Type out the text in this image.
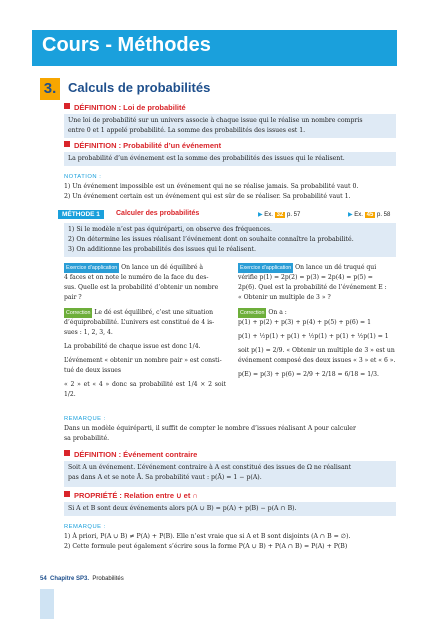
Cours - Méthodes
3. Calculs de probabilités
DÉFINITION : Loi de probabilité
Une loi de probabilité sur un univers associe à chaque issue qui le réalise un nombre compris
entre 0 et 1 appelé probabilité. La somme des probabilités des issues est 1.
DÉFINITION : Probabilité d’un événement
La probabilité d’un événement est la somme des probabilités des issues qui le réalisent.
NOTATION :
1) Un événement impossible est un événement qui ne se réalise jamais. Sa probabilité vaut 0.
2) Un événement certain est un événement qui est sûr de se réaliser. Sa probabilité vaut 1.
MÉTHODE 1	Calculer des probabilités	▶ Ex. 32 p. 57	▶ Ex. 45 p. 58
1) Si le modèle n’est pas équiréparti, on observe des fréquences.
2) On détermine les issues réalisant l’événement dont on souhaite connaître la probabilité.
3) On additionne les probabilités des issues qui le réalisent.
Exercice d’application On lance un dé équilibré à
4 faces et on note le numéro de la face du des-
sus. Quelle est la probabilité d’obtenir un nombre
pair ?
Correction Le dé est équilibré, c’est une situation
d’équiprobabilité. L’univers est constitué de 4 is-
sues : 1, 2, 3, 4.
La probabilité de chaque issue est donc 1/4.
L’événement « obtenir un nombre pair » est consti-
tué de deux issues
« 2 » et « 4 » donc sa probabilité est 1/4 × 2 soit 1/2.
Exercice d’application On lance un dé truqué qui
vérifie p(1) = 2p(2) = p(3) = 2p(4) = p(5) =
2p(6). Quel est la probabilité de l’événement E :
« Obtenir un multiple de 3 » ?
Correction On a :
p(1) + p(2) + p(3) + p(4) + p(5) + p(6) = 1
p(1) + ½p(1) + p(1) + ½p(1) + p(1) + ½p(1) = 1
soit p(1) = 2/9. « Obtenir un multiple de 3 » est un
événement composé des deux issues « 3 » et « 6 ».
p(E) = p(3) + p(6) = 2/9 + 2/18 = 6/18 = 1/3.
REMARQUE :
Dans un modèle équiréparti, il suffit de compter le nombre d’issues réalisant A pour calculer
sa probabilité.
DÉFINITION : Événement contraire
Soit A un événement. L’événement contraire à A est constitué des issues de Ω ne réalisant
pas dans A et se note Ā. Sa probabilité vaut : p(Ā) = 1 − p(A).
PROPRIÉTÉ : Relation entre ∪ et ∩
Si A et B sont deux événements alors p(A ∪ B) = p(A) + p(B) − p(A ∩ B).
REMARQUE :
1) À priori, P(A ∪ B) ≠ P(A) + P(B). Elle n’est vraie que si A et B sont disjoints (A ∩ B = ∅).
2) Cette formule peut également s’écrire sous la forme P(A ∪ B) + P(A ∩ B) = P(A) + P(B)
54 Chapitre SP3. Probabilités
